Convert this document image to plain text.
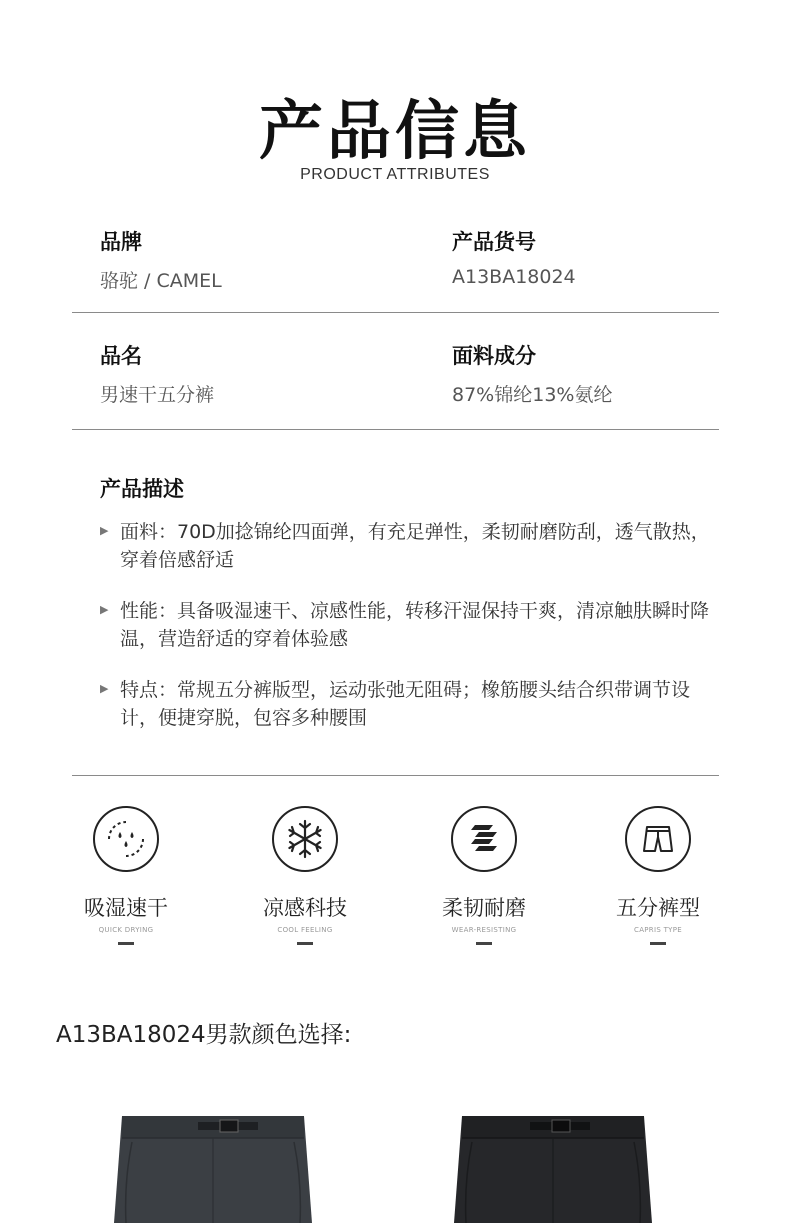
产品信息
PRODUCT ATTRIBUTES
品牌
骆驼 / CAMEL
产品货号
A13BA18024
品名
男速干五分裤
面料成分
87%锦纶13%氨纶
产品描述
▶ 面料：70D加捻锦纶四面弹，有充足弹性，柔韧耐磨防刮，透气散热，穿着倍感舒适
▶ 性能：具备吸湿速干、凉感性能，转移汗湿保持干爽，清凉触肤瞬时降温，营造舒适的穿着体验感
▶ 特点：常规五分裤版型，运动张弛无阻碍；橡筋腰头结合织带调节设计，便捷穿脱，包容多种腰围
吸湿速干
QUICK DRYING
凉感科技
COOL FEELING
柔韧耐磨
WEAR-RESISTING
五分裤型
CAPRIS TYPE
A13BA18024男款颜色选择:
